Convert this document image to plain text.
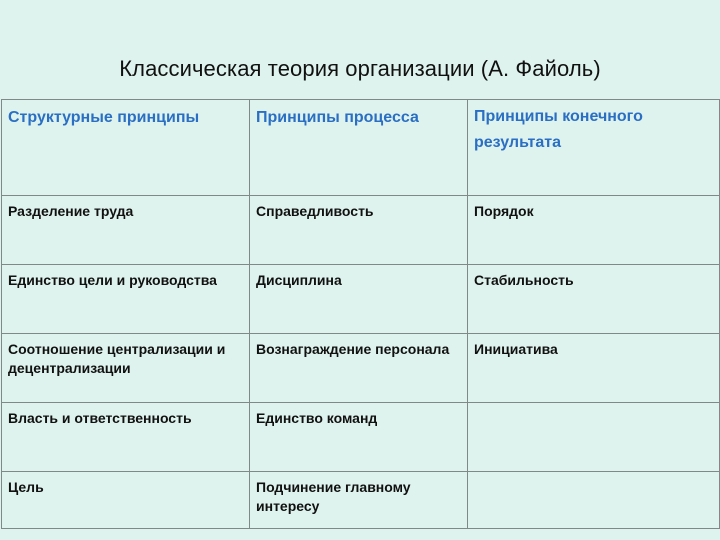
Классическая теория организации (А. Файоль)
Структурные принципы	Принципы процесса	Принципы конечного результата
Разделение труда	Справедливость	Порядок
Единство цели и руководства	Дисциплина	Стабильность
Соотношение централизации и децентрализации	Вознаграждение персонала	Инициатива
Власть и ответственность	Единство команд	
Цель	Подчинение главному интересу	
